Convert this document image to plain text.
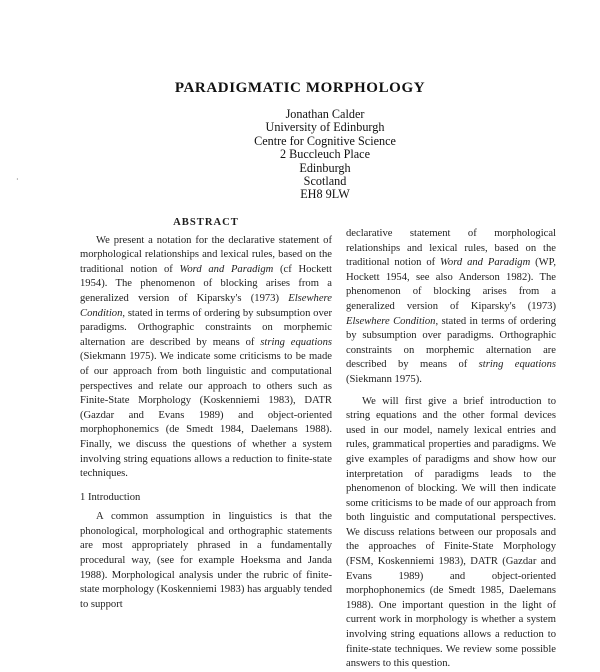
·
PARADIGMATIC MORPHOLOGY
Jonathan Calder
University of Edinburgh
Centre for Cognitive Science
2 Buccleuch Place
Edinburgh
Scotland
EH8 9LW
ABSTRACT

We present a notation for the declarative statement of morphological relationships and lexical rules, based on the traditional notion of Word and Paradigm (cf Hockett 1954). The phenomenon of blocking arises from a generalized version of Kiparsky's (1973) Elsewhere Condition, stated in terms of ordering by subsumption over paradigms. Orthographic constraints on morphemic alternation are described by means of string equations (Siekmann 1975). We indicate some criticisms to be made of our approach from both linguistic and computational perspectives and relate our approach to others such as Finite-State Morphology (Koskenniemi 1983), DATR (Gazdar and Evans 1989) and object-oriented morphophonemics (de Smedt 1984, Daelemans 1988). Finally, we discuss the questions of whether a system involving string equations allows a reduction to finite-state techniques.

1 Introduction

A common assumption in linguistics is that the phonological, morphological and orthographic statements are most appropriately phrased in a fundamentally procedural way, (see for example Hoeksma and Janda 1988). Morphological analysis under the rubric of finite-state morphology (Koskenniemi 1983) has arguably tended to support

declarative statement of morphological relationships and lexical rules, based on the traditional notion of Word and Paradigm (WP, Hockett 1954, see also Anderson 1982). The phenomenon of blocking arises from a generalized version of Kiparsky's (1973) Elsewhere Condition, stated in terms of ordering by subsumption over paradigms. Orthographic constraints on morphemic alternation are described by means of string equations (Siekmann 1975).

We will first give a brief introduction to string equations and the other formal devices used in our model, namely lexical entries and rules, grammatical properties and paradigms. We give examples of paradigms and show how our interpretation of paradigms leads to the phenomenon of blocking. We will then indicate some criticisms to be made of our approach from both linguistic and computational perspectives. We discuss relations between our proposals and the approaches of Finite-State Morphology (FSM, Koskenniemi 1983), DATR (Gazdar and Evans 1989) and object-oriented morphophonemics (de Smedt 1985, Daelemans 1988). One important question in the light of current work in morphology is whether a system involving string equations allows a reduction to finite-state techniques. We review some possible answers to this question.
